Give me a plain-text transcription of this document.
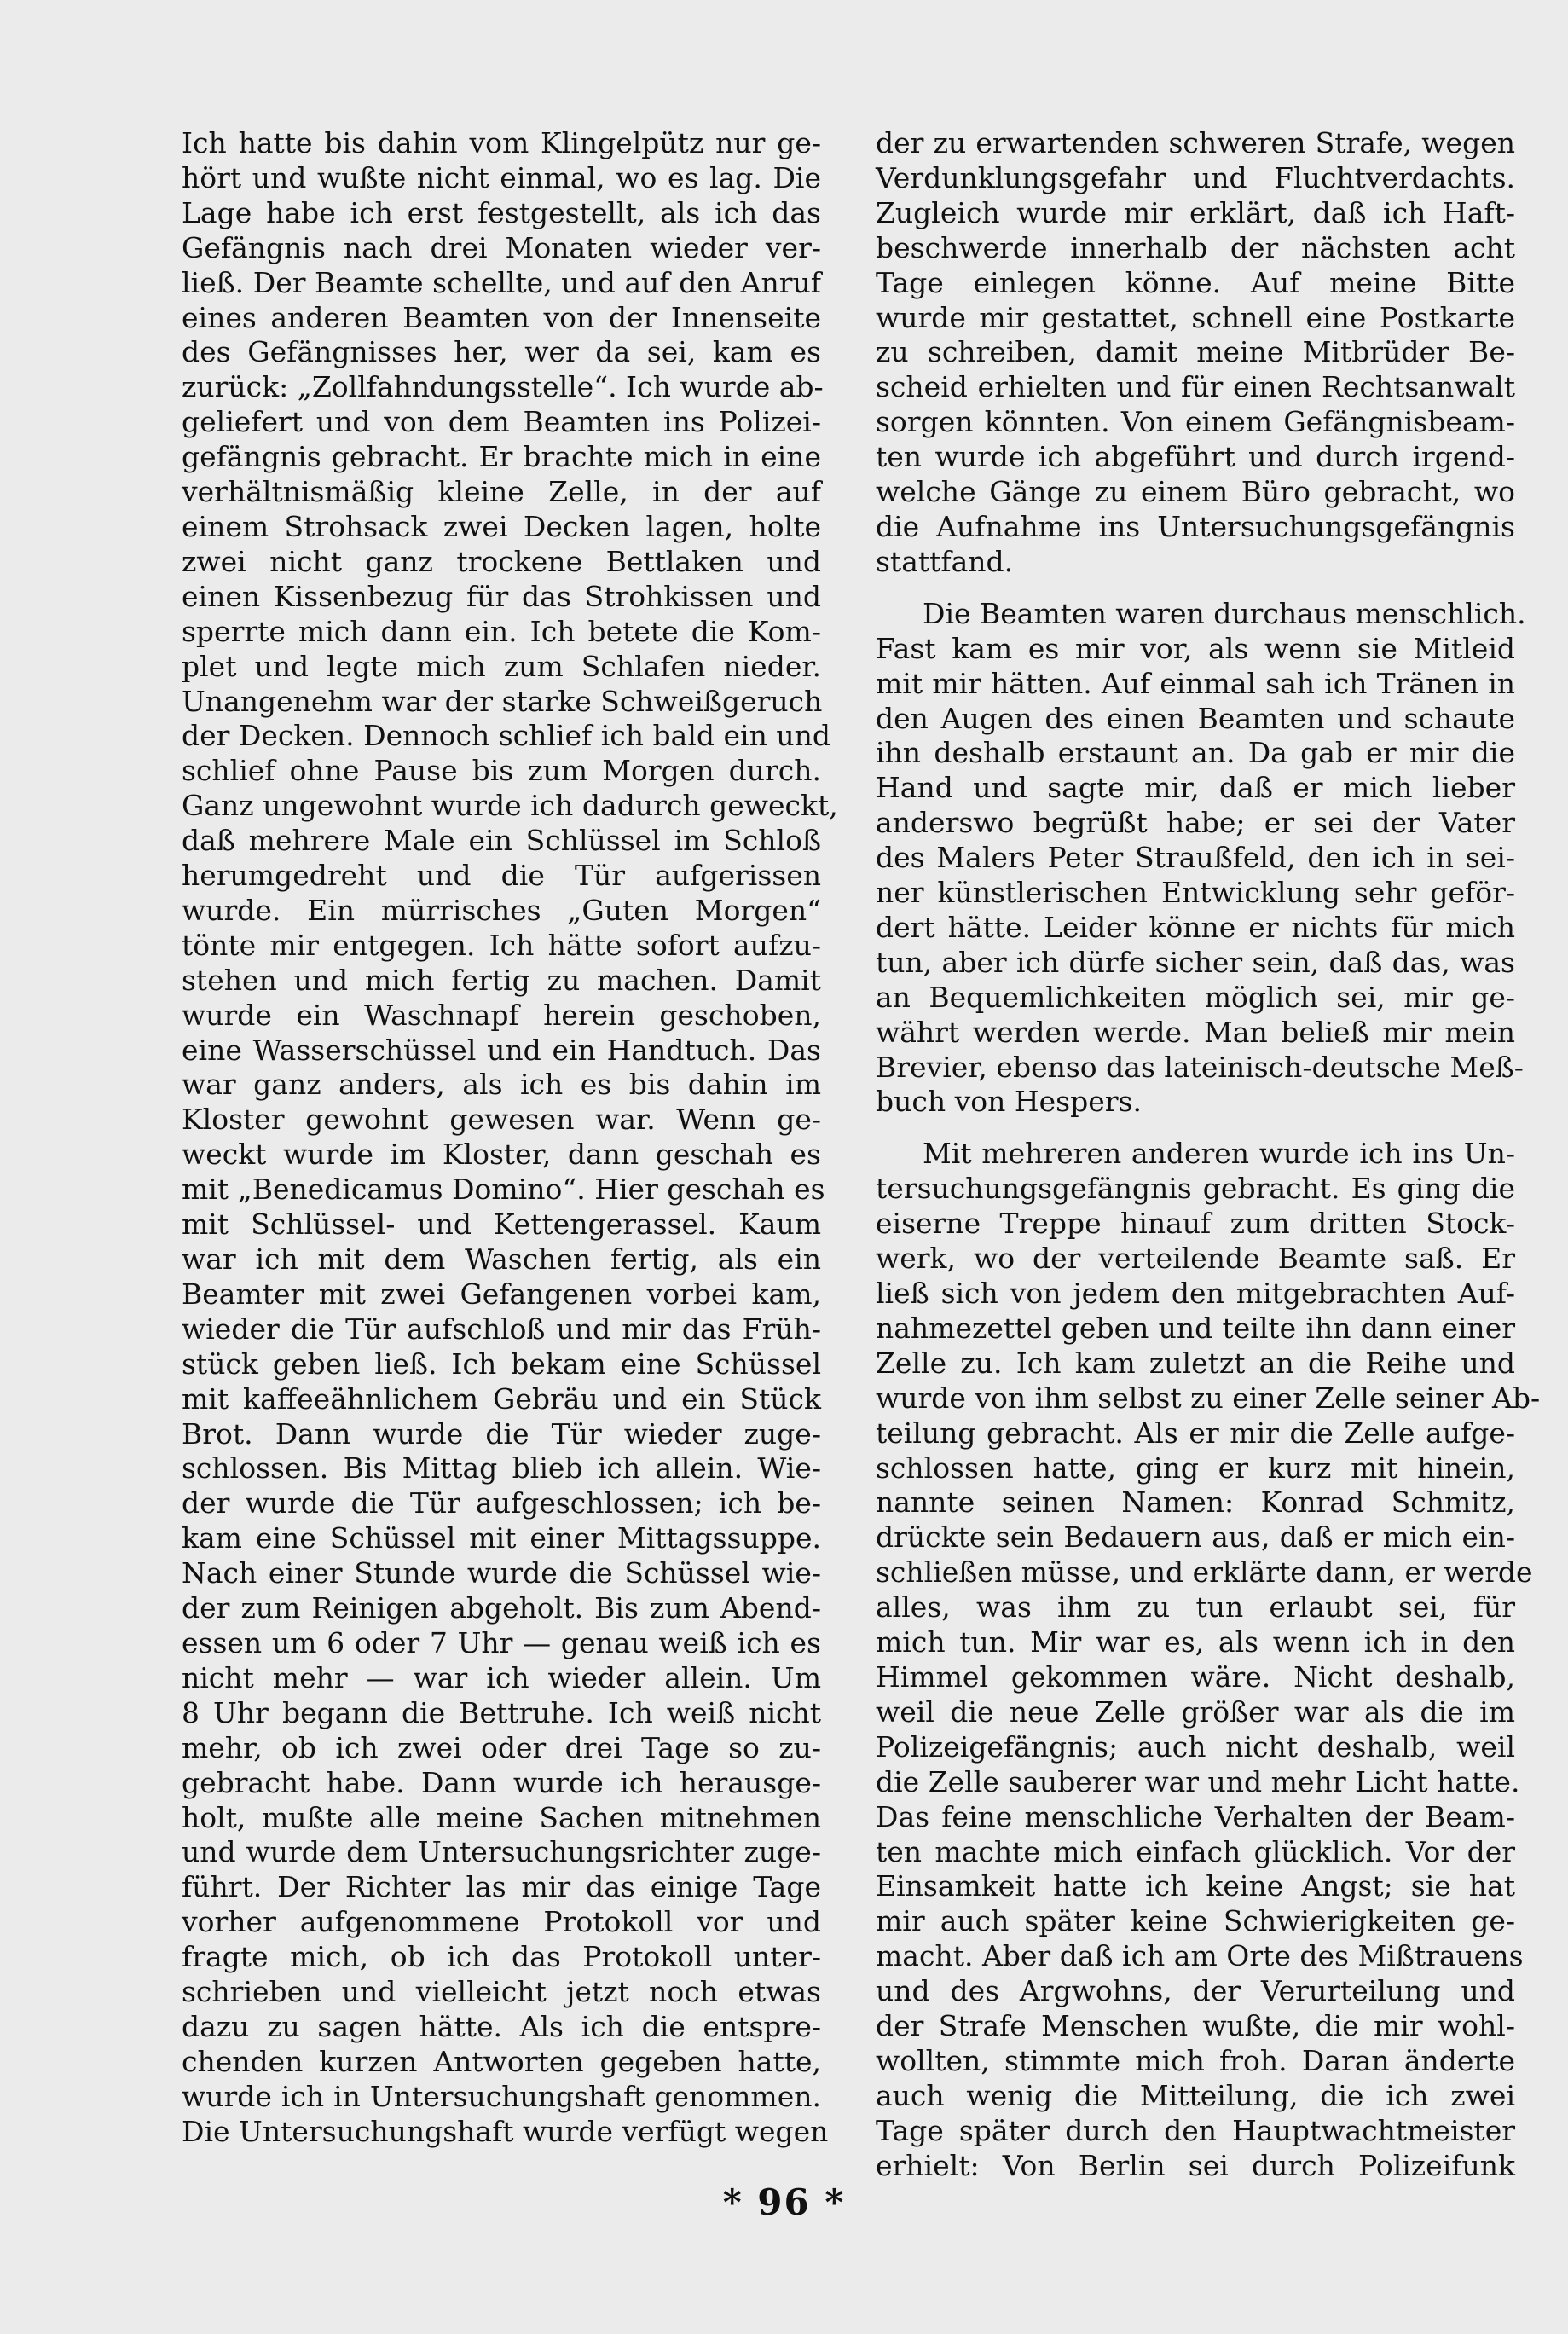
Ich hatte bis dahin vom Klingelpütz nur ge-
hört und wußte nicht einmal, wo es lag. Die
Lage habe ich erst festgestellt, als ich das
Gefängnis nach drei Monaten wieder ver-
ließ. Der Beamte schellte, und auf den Anruf
eines anderen Beamten von der Innenseite
des Gefängnisses her, wer da sei, kam es
zurück: „Zollfahndungsstelle“. Ich wurde ab-
geliefert und von dem Beamten ins Polizei-
gefängnis gebracht. Er brachte mich in eine
verhältnismäßig kleine Zelle, in der auf
einem Strohsack zwei Decken lagen, holte
zwei nicht ganz trockene Bettlaken und
einen Kissenbezug für das Strohkissen und
sperrte mich dann ein. Ich betete die Kom-
plet und legte mich zum Schlafen nieder.
Unangenehm war der starke Schweißgeruch
der Decken. Dennoch schlief ich bald ein und
schlief ohne Pause bis zum Morgen durch.
Ganz ungewohnt wurde ich dadurch geweckt,
daß mehrere Male ein Schlüssel im Schloß
herumgedreht und die Tür aufgerissen
wurde. Ein mürrisches „Guten Morgen“
tönte mir entgegen. Ich hätte sofort aufzu-
stehen und mich fertig zu machen. Damit
wurde ein Waschnapf herein geschoben,
eine Wasserschüssel und ein Handtuch. Das
war ganz anders, als ich es bis dahin im
Kloster gewohnt gewesen war. Wenn ge-
weckt wurde im Kloster, dann geschah es
mit „Benedicamus Domino“. Hier geschah es
mit Schlüssel- und Kettengerassel. Kaum
war ich mit dem Waschen fertig, als ein
Beamter mit zwei Gefangenen vorbei kam,
wieder die Tür aufschloß und mir das Früh-
stück geben ließ. Ich bekam eine Schüssel
mit kaffeeähnlichem Gebräu und ein Stück
Brot. Dann wurde die Tür wieder zuge-
schlossen. Bis Mittag blieb ich allein. Wie-
der wurde die Tür aufgeschlossen; ich be-
kam eine Schüssel mit einer Mittagssuppe.
Nach einer Stunde wurde die Schüssel wie-
der zum Reinigen abgeholt. Bis zum Abend-
essen um 6 oder 7 Uhr — genau weiß ich es
nicht mehr — war ich wieder allein. Um
8 Uhr begann die Bettruhe. Ich weiß nicht
mehr, ob ich zwei oder drei Tage so zu-
gebracht habe. Dann wurde ich herausge-
holt, mußte alle meine Sachen mitnehmen
und wurde dem Untersuchungsrichter zuge-
führt. Der Richter las mir das einige Tage
vorher aufgenommene Protokoll vor und
fragte mich, ob ich das Protokoll unter-
schrieben und vielleicht jetzt noch etwas
dazu zu sagen hätte. Als ich die entspre-
chenden kurzen Antworten gegeben hatte,
wurde ich in Untersuchungshaft genommen.
Die Untersuchungshaft wurde verfügt wegen
der zu erwartenden schweren Strafe, wegen
Verdunklungsgefahr und Fluchtverdachts.
Zugleich wurde mir erklärt, daß ich Haft-
beschwerde innerhalb der nächsten acht
Tage einlegen könne. Auf meine Bitte
wurde mir gestattet, schnell eine Postkarte
zu schreiben, damit meine Mitbrüder Be-
scheid erhielten und für einen Rechtsanwalt
sorgen könnten. Von einem Gefängnisbeam-
ten wurde ich abgeführt und durch irgend-
welche Gänge zu einem Büro gebracht, wo
die Aufnahme ins Untersuchungsgefängnis
stattfand.
Die Beamten waren durchaus menschlich.
Fast kam es mir vor, als wenn sie Mitleid
mit mir hätten. Auf einmal sah ich Tränen in
den Augen des einen Beamten und schaute
ihn deshalb erstaunt an. Da gab er mir die
Hand und sagte mir, daß er mich lieber
anderswo begrüßt habe; er sei der Vater
des Malers Peter Straußfeld, den ich in sei-
ner künstlerischen Entwicklung sehr geför-
dert hätte. Leider könne er nichts für mich
tun, aber ich dürfe sicher sein, daß das, was
an Bequemlichkeiten möglich sei, mir ge-
währt werden werde. Man beließ mir mein
Brevier, ebenso das lateinisch-deutsche Meß-
buch von Hespers.
Mit mehreren anderen wurde ich ins Un-
tersuchungsgefängnis gebracht. Es ging die
eiserne Treppe hinauf zum dritten Stock-
werk, wo der verteilende Beamte saß. Er
ließ sich von jedem den mitgebrachten Auf-
nahmezettel geben und teilte ihn dann einer
Zelle zu. Ich kam zuletzt an die Reihe und
wurde von ihm selbst zu einer Zelle seiner Ab-
teilung gebracht. Als er mir die Zelle aufge-
schlossen hatte, ging er kurz mit hinein,
nannte seinen Namen: Konrad Schmitz,
drückte sein Bedauern aus, daß er mich ein-
schließen müsse, und erklärte dann, er werde
alles, was ihm zu tun erlaubt sei, für
mich tun. Mir war es, als wenn ich in den
Himmel gekommen wäre. Nicht deshalb,
weil die neue Zelle größer war als die im
Polizeigefängnis; auch nicht deshalb, weil
die Zelle sauberer war und mehr Licht hatte.
Das feine menschliche Verhalten der Beam-
ten machte mich einfach glücklich. Vor der
Einsamkeit hatte ich keine Angst; sie hat
mir auch später keine Schwierigkeiten ge-
macht. Aber daß ich am Orte des Mißtrauens
und des Argwohns, der Verurteilung und
der Strafe Menschen wußte, die mir wohl-
wollten, stimmte mich froh. Daran änderte
auch wenig die Mitteilung, die ich zwei
Tage später durch den Hauptwachtmeister
erhielt: Von Berlin sei durch Polizeifunk
* 96 *
